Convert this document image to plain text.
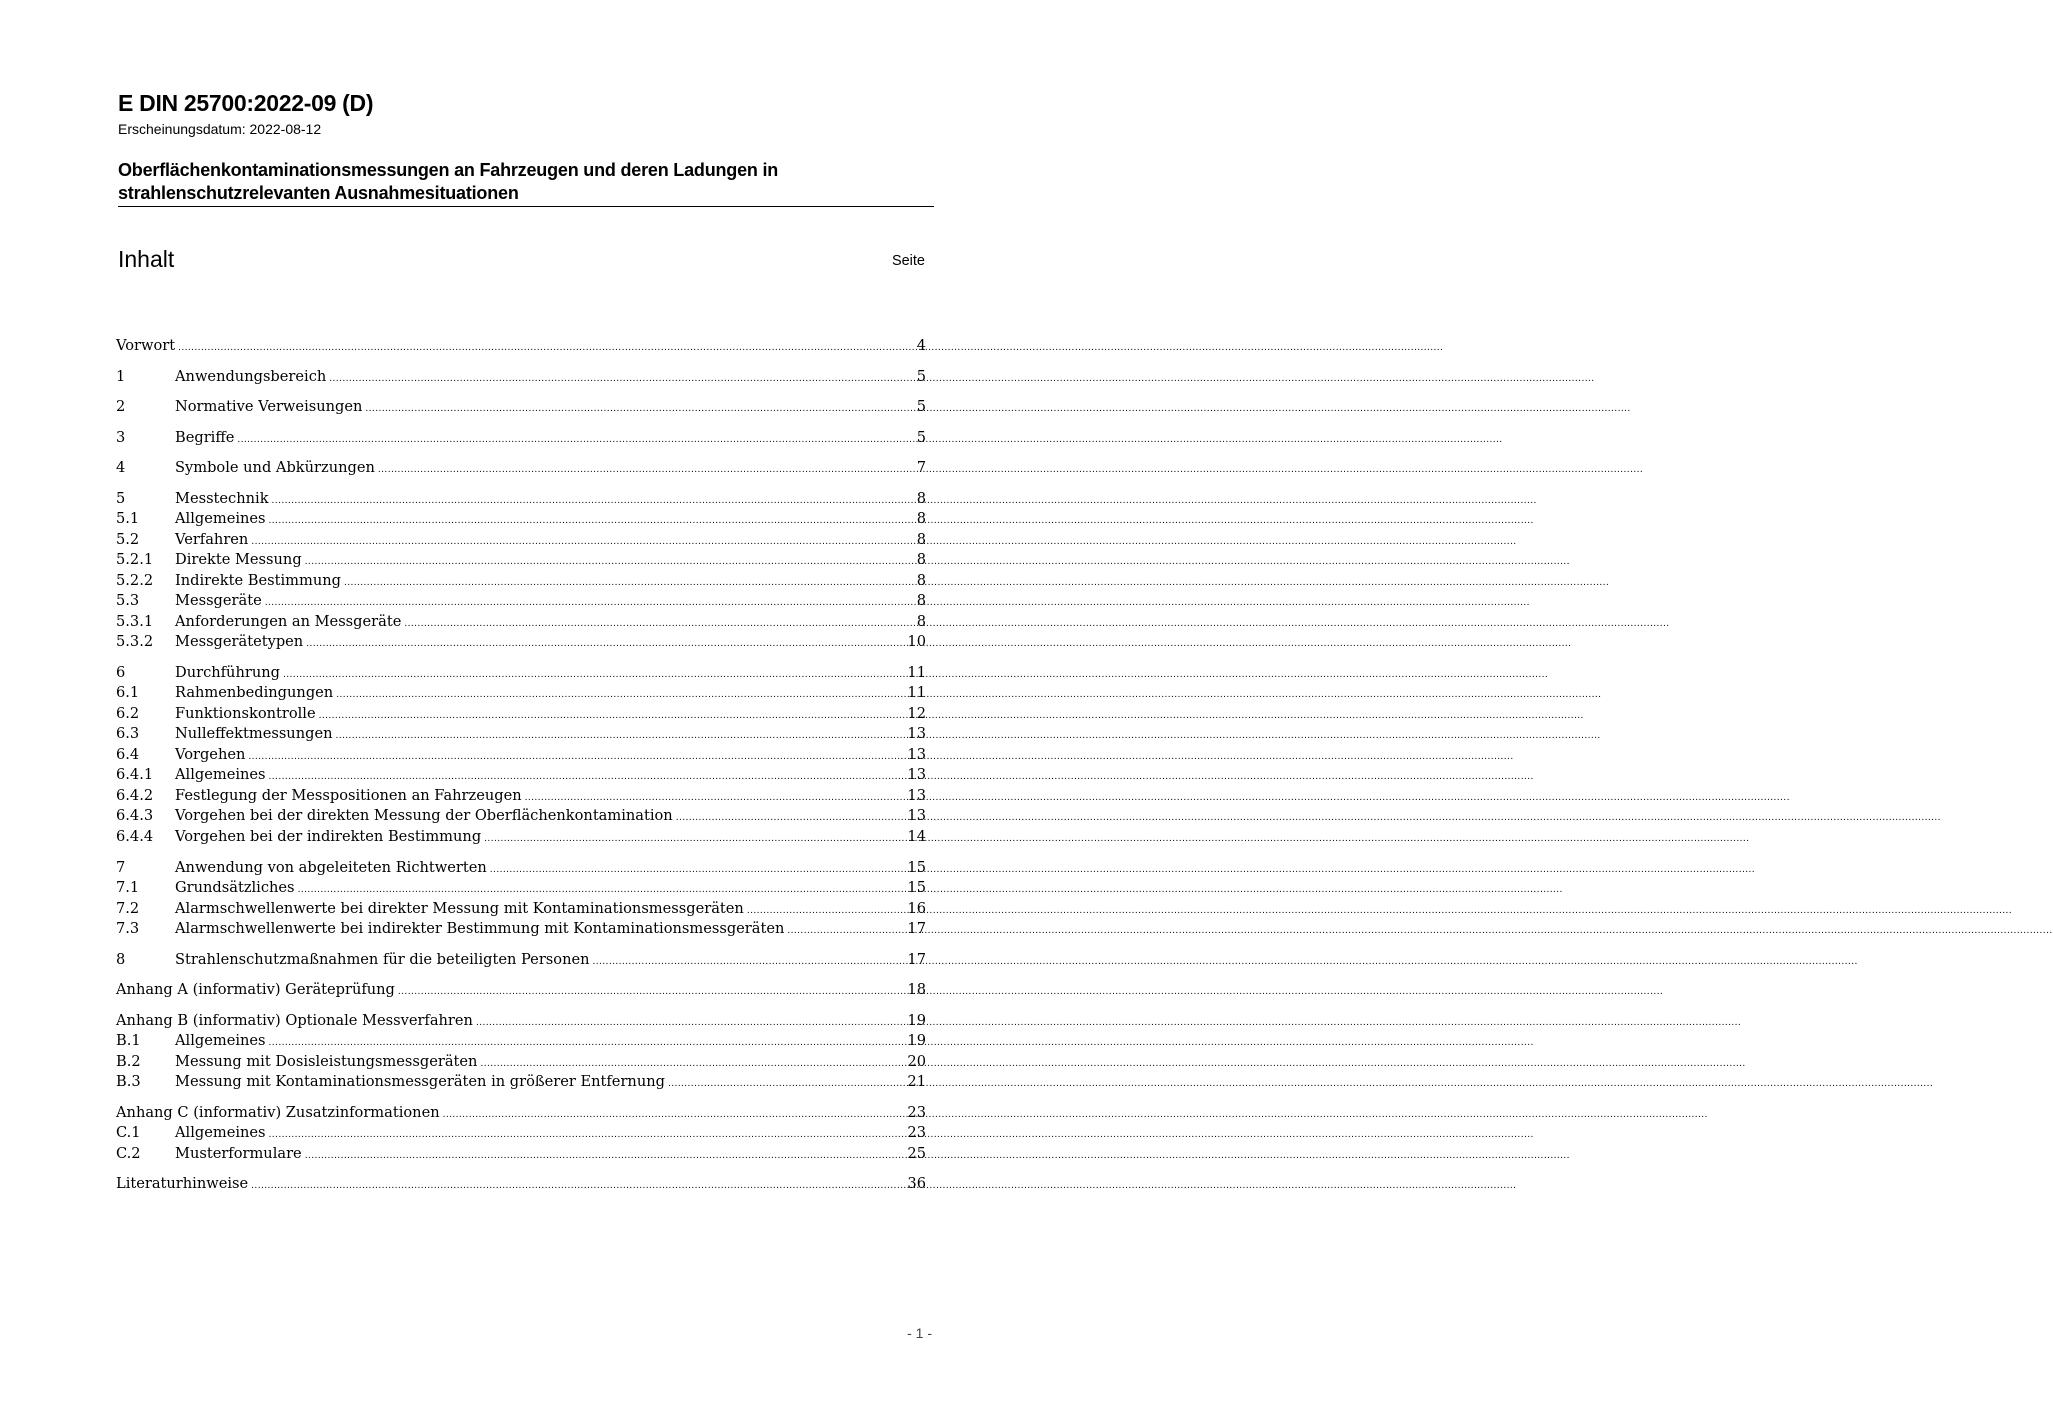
E DIN 25700:2022-09 (D)
Erscheinungsdatum: 2022-08-12
Oberflächenkontaminationsmessungen an Fahrzeugen und deren Ladungen in strahlenschutzrelevanten Ausnahmesituationen
Inhalt	Seite
Vorwort .....	4
1	Anwendungsbereich .....	5
2	Normative Verweisungen .....	5
3	Begriffe .....	5
4	Symbole und Abkürzungen .....	7
5	Messtechnik .....	8
5.1	Allgemeines .....	8
5.2	Verfahren .....	8
5.2.1	Direkte Messung .....	8
5.2.2	Indirekte Bestimmung .....	8
5.3	Messgeräte .....	8
5.3.1	Anforderungen an Messgeräte .....	8
5.3.2	Messgerätetypen .....	10
6	Durchführung .....	11
6.1	Rahmenbedingungen .....	11
6.2	Funktionskontrolle .....	12
6.3	Nulleffektmessungen .....	13
6.4	Vorgehen .....	13
6.4.1	Allgemeines .....	13
6.4.2	Festlegung der Messpositionen an Fahrzeugen .....	13
6.4.3	Vorgehen bei der direkten Messung der Oberflächenkontamination .....	13
6.4.4	Vorgehen bei der indirekten Bestimmung .....	14
7	Anwendung von abgeleiteten Richtwerten .....	15
7.1	Grundsätzliches .....	15
7.2	Alarmschwellenwerte bei direkter Messung mit Kontaminationsmessgeräten .....	16
7.3	Alarmschwellenwerte bei indirekter Bestimmung mit Kontaminationsmessgeräten .....	17
8	Strahlenschutzmaßnahmen für die beteiligten Personen .....	17
Anhang A (informativ) Geräteprüfung .....	18
Anhang B (informativ) Optionale Messverfahren .....	19
B.1	Allgemeines .....	19
B.2	Messung mit Dosisleistungsmessgeräten .....	20
B.3	Messung mit Kontaminationsmessgeräten in größerer Entfernung .....	21
Anhang C (informativ) Zusatzinformationen .....	23
C.1	Allgemeines .....	23
C.2	Musterformulare .....	25
Literaturhinweise .....	36
- 1 -
